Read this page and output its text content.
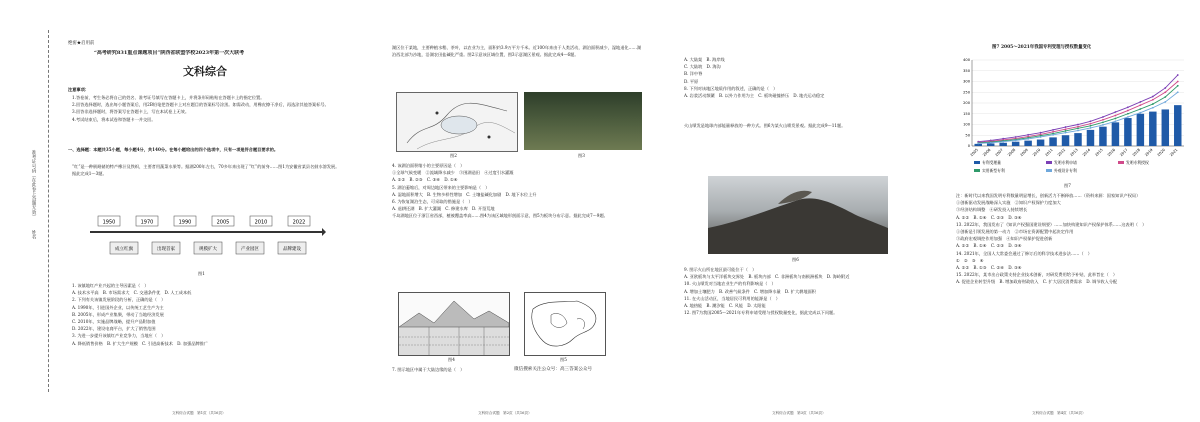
姓名
准考证号码（在此卷上答题无效）
绝密★启用前
“高考研究831重点课题项目”陕西省联盟学校2023年第一次大联考
文科综合
注意事项：
1.答卷前，考生务必将自己的姓名、准考证号填写在答题卡上，并将条形码粘贴在答题卡上的指定位置。
2.回答选择题时，选出每小题答案后，用2B铅笔把答题卡上对应题目的答案标号涂黑。如需改动，用橡皮擦干净后，再选涂其他答案标号。
3.回答非选择题时，将答案写在答题卡上，写在本试卷上无效。
4.考试结束后，将本试卷和答题卡一并交回。
一、选择题：本题共35小题，每小题4分，共140分。在每小题给出的四个选项中，只有一项是符合题目要求的。
“红”是一种极耐储的特产橡汁及铁织，主要者用蔬菜水果等。据湖200年左右，70多年来出现了“红”的前身……图1为安徽省某县名鼓水溶发展。据此完成1～3题。
1950	1970	1990	2005	2010	2022
成立红旗	出现首家	规模扩大	产业园区	品牌建设
图1
1. 该镇地红产业兴起的主导因素是（　）
A. 技术水平高　B. 市场需求大　C. 交通条件优　D. 人工成本低
2. 下列有关该镇发展阶段的分析，正确的是（　）
A. 1990年，引进国外企业，以传统工艺生产为主
B. 2005年，形成产业集聚，带动了当地经济发展
C. 2010年，实施品牌战略，提升产品附加值
D. 2022年，建设电商平台，扩大了销售范围
3. 为进一步提升该镇红产业竞争力，当地应（　）
A. 降低销售价格　B. 扩大生产规模　C. 引进高新技术　D. 加强品牌推广
文科综合试题　第1页（共16页）
湖区位于某地，主要种植水稻、茶叶，以农业为主，面积约3.9万平方千米。近100年来由于人类活动，湖泊面积减少，湿地退化……湖泊西北部为沙地，沿湖农田盐碱化严重。图2示意该区域位置，图3示意湖区景观。据此完成4～6题。
图2	图3
4. 该湖泊面积缩小的主要原因是（　）
①全球气候变暖　②流域降水减少　③围湖造田　④过度引水灌溉
A. ①②　B. ②③　C. ③④　D. ①④
5. 湖泊萎缩后，对周边地区带来的主要影响是（　）
A. 湿地面积增大　B. 生物多样性增加　C. 土壤盐碱化加剧　D. 地下水位上升
6. 为恢复湖泊生态，可采取的措施是（　）
A. 退耕还湖　B. 扩大灌溉　C. 修建水库　D. 开垦荒地
千岛湖地区位于浙江省西部，植被覆盖率高……图4为该区域地形剖面示意，图5为板块分布示意。据此完成7～9题。
图4	图5
7. 图示地区中属于大陆边缘的是（　）	微信搜索关注公众号：高三答案公众号
文科综合试题　第2页（共16页）
A. 大陆架　B. 海岸线
C. 大陆坡　D. 海沟
B. 洋中脊
D. 平原
8. 下列对该地区地质作用的叙述，正确的是（　）
A. 岩浆活动频繁　B. 以外力作用为主　C. 板块碰撞挤压　D. 地壳运动稳定
火山喷发是地球内部能量释放的一种方式。图6为某火山喷发景观。据此完成9～11题。
图6
9. 图示火山所在地区最可能位于（　）
A. 亚欧板块与太平洋板块交界处　B. 板块内部　C. 非洲板块与南极洲板块　D. 海岭附近
10. 火山喷发对当地农业生产的有利影响是（　）
A. 增加土壤肥力　B. 改善气候条件　C. 增加降水量　D. 扩大耕地面积
11. 在火山活动区，当地居民可利用的能源是（　）
A. 地热能　B. 潮汐能　C. 风能　D. 太阳能
12. 图7为我国2005～2021年专利申请受理与授权数量变化，据此完成以下问题。
文科综合试题　第3页（共16页）
图7 2005～2021年我国专利受理与授权数量变化
2005 2006 2007 2008 2009 2010 2011 2012 2013 2014 2015 2016 2017 2018 2019 2020 2021
0
50
100
150
200
250
300
350
400
专利受理量	发明专利申请	发明专利授权
实用新型专利	外观设计专利
图7
注：新时代以来我国发明专利数量明显增长，创新活力不断释放……（资料来源：国家知识产权局）
①创新驱动发展战略深入实施　②知识产权保护力度加大
③经济结构调整　④研发投入持续增长
A. ①②　B. ①④　C. ②③　D. ③④
13. 2022年，我国发布了《知识产权强国建设纲要》……加快构建知识产权保护体系……这表明（　）
①创新是引领发展的第一动力　②市场在资源配置中起决定作用
③政府宏观调控作用加强　④知识产权保护促进创新
A. ①②　B. ①④　C. ②③　D. ③④
14. 2021年，全国人大常委会通过了修订后的科学技术进步法……（　）
①　②　③　④
A. ①②　B. ①③　C. ②④　D. ③④
15. 2022年，某市出台政策支持企业技术创新，对研发费用给予补贴，此举旨在（　）
A. 促进企业转型升级　B. 增加政府财政收入　C. 扩大居民消费需求　D. 调节收入分配
文科综合试题　第4页（共16页）
